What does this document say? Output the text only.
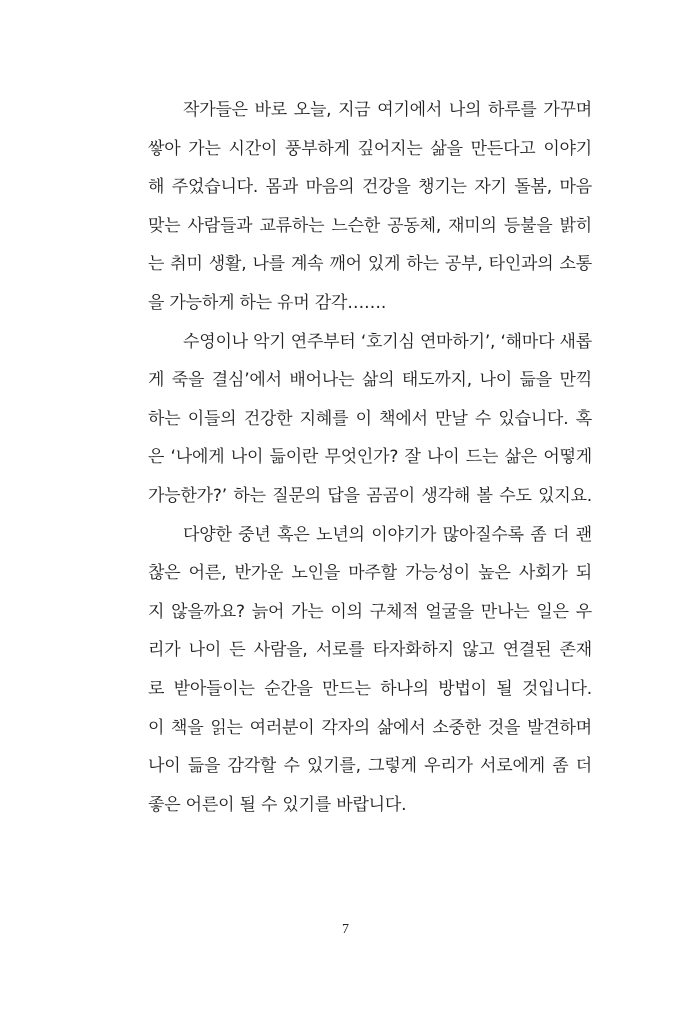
작가들은 바로 오늘, 지금 여기에서 나의 하루를 가꾸며
쌓아 가는 시간이 풍부하게 깊어지는 삶을 만든다고 이야기
해 주었습니다. 몸과 마음의 건강을 챙기는 자기 돌봄, 마음
맞는 사람들과 교류하는 느슨한 공동체, 재미의 등불을 밝히
는 취미 생활, 나를 계속 깨어 있게 하는 공부, 타인과의 소통
을 가능하게 하는 유머 감각…….
수영이나 악기 연주부터 ‘호기심 연마하기’, ‘해마다 새롭
게 죽을 결심’에서 배어나는 삶의 태도까지, 나이 듦을 만끽
하는 이들의 건강한 지혜를 이 책에서 만날 수 있습니다. 혹
은 ‘나에게 나이 듦이란 무엇인가? 잘 나이 드는 삶은 어떻게
가능한가?’ 하는 질문의 답을 곰곰이 생각해 볼 수도 있지요.
다양한 중년 혹은 노년의 이야기가 많아질수록 좀 더 괜
찮은 어른, 반가운 노인을 마주할 가능성이 높은 사회가 되
지 않을까요? 늙어 가는 이의 구체적 얼굴을 만나는 일은 우
리가 나이 든 사람을, 서로를 타자화하지 않고 연결된 존재
로 받아들이는 순간을 만드는 하나의 방법이 될 것입니다.
이 책을 읽는 여러분이 각자의 삶에서 소중한 것을 발견하며
나이 듦을 감각할 수 있기를, 그렇게 우리가 서로에게 좀 더
좋은 어른이 될 수 있기를 바랍니다.
7
